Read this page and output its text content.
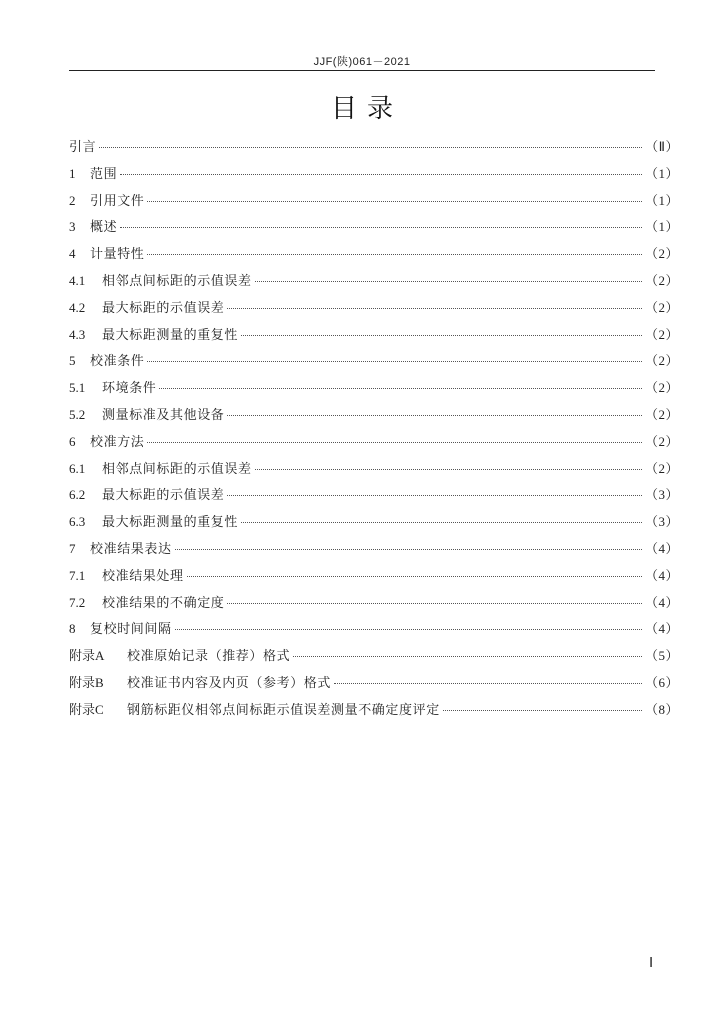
JJF(陕)061－2021
目录
引言	（Ⅱ）
1	范围	（1）
2	引用文件	（1）
3	概述	（1）
4	计量特性	（2）
4.1	相邻点间标距的示值误差	（2）
4.2	最大标距的示值误差	（2）
4.3	最大标距测量的重复性	（2）
5	校准条件	（2）
5.1	环境条件	（2）
5.2	测量标准及其他设备	（2）
6	校准方法	（2）
6.1	相邻点间标距的示值误差	（2）
6.2	最大标距的示值误差	（3）
6.3	最大标距测量的重复性	（3）
7	校准结果表达	（4）
7.1	校准结果处理	（4）
7.2	校准结果的不确定度	（4）
8	复校时间间隔	（4）
附录A	校准原始记录（推荐）格式	（5）
附录B	校准证书内容及内页（参考）格式	（6）
附录C	钢筋标距仪相邻点间标距示值误差测量不确定度评定	（8）
Ⅰ
